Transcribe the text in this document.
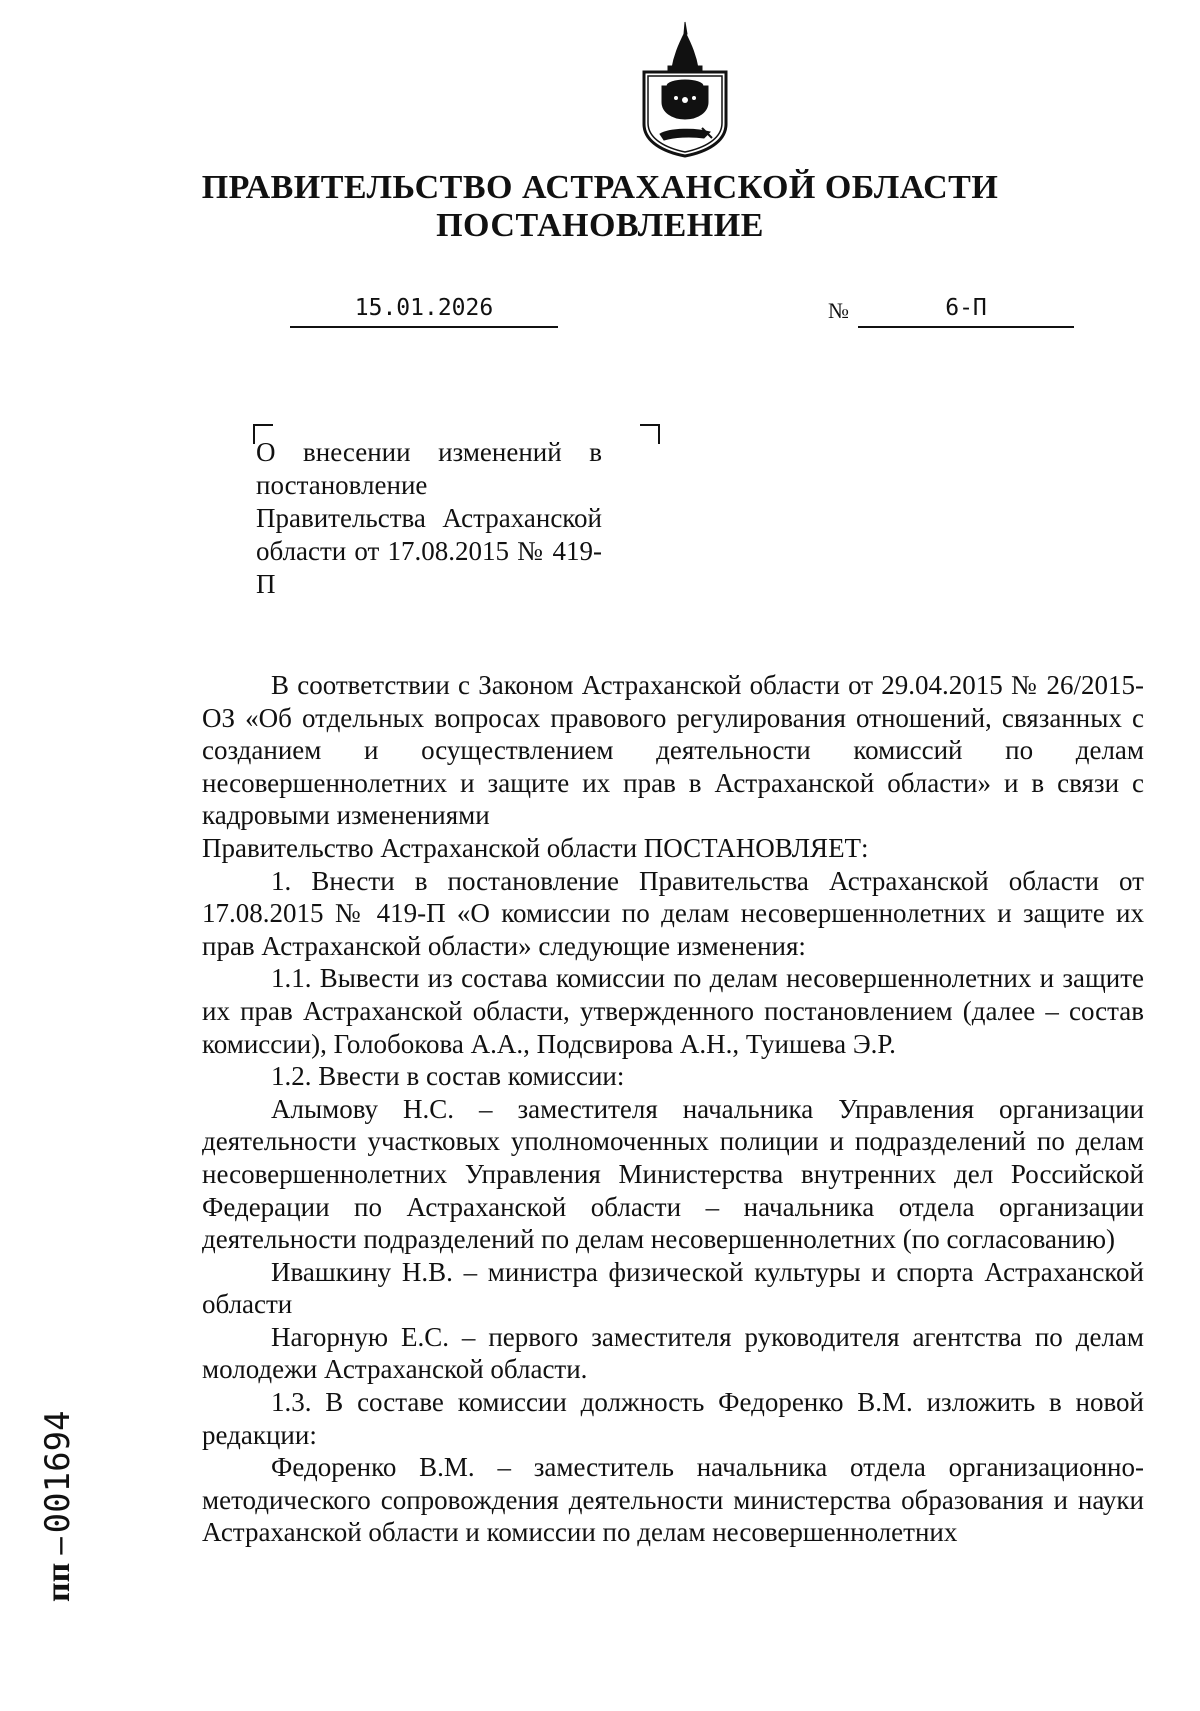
ПРАВИТЕЛЬСТВО АСТРАХАНСКОЙ ОБЛАСТИ
ПОСТАНОВЛЕНИЕ
15.01.2026	№	6-П
О внесении изменений в постановление Правительства Астраханской области от 17.08.2015 № 419-П

В соответствии с Законом Астраханской области от 29.04.2015 № 26/2015-ОЗ «Об отдельных вопросах правового регулирования отношений, связанных с созданием и осуществлением деятельности комиссий по делам несовершеннолетних и защите их прав в Астраханской области» и в связи с кадровыми изменениями

Правительство Астраханской области ПОСТАНОВЛЯЕТ:

1. Внести в постановление Правительства Астраханской области от 17.08.2015 № 419-П «О комиссии по делам несовершеннолетних и защите их прав Астраханской области» следующие изменения:

1.1. Вывести из состава комиссии по делам несовершеннолетних и защите их прав Астраханской области, утвержденного постановлением (далее – состав комиссии), Голобокова А.А., Подсвирова А.Н., Туишева Э.Р.

1.2. Ввести в состав комиссии:

Алымову Н.С. – заместителя начальника Управления организации деятельности участковых уполномоченных полиции и подразделений по делам несовершеннолетних Управления Министерства внутренних дел Российской Федерации по Астраханской области – начальника отдела организации деятельности подразделений по делам несовершеннолетних (по согласованию)

Ивашкину Н.В. – министра физической культуры и спорта Астраханской области

Нагорную Е.С. – первого заместителя руководителя агентства по делам молодежи Астраханской области.

1.3. В составе комиссии должность Федоренко В.М. изложить в новой редакции:

Федоренко В.М. – заместитель начальника отдела организационно-методического сопровождения деятельности министерства образования и науки Астраханской области и комиссии по делам несовершеннолетних

пп – 001694
